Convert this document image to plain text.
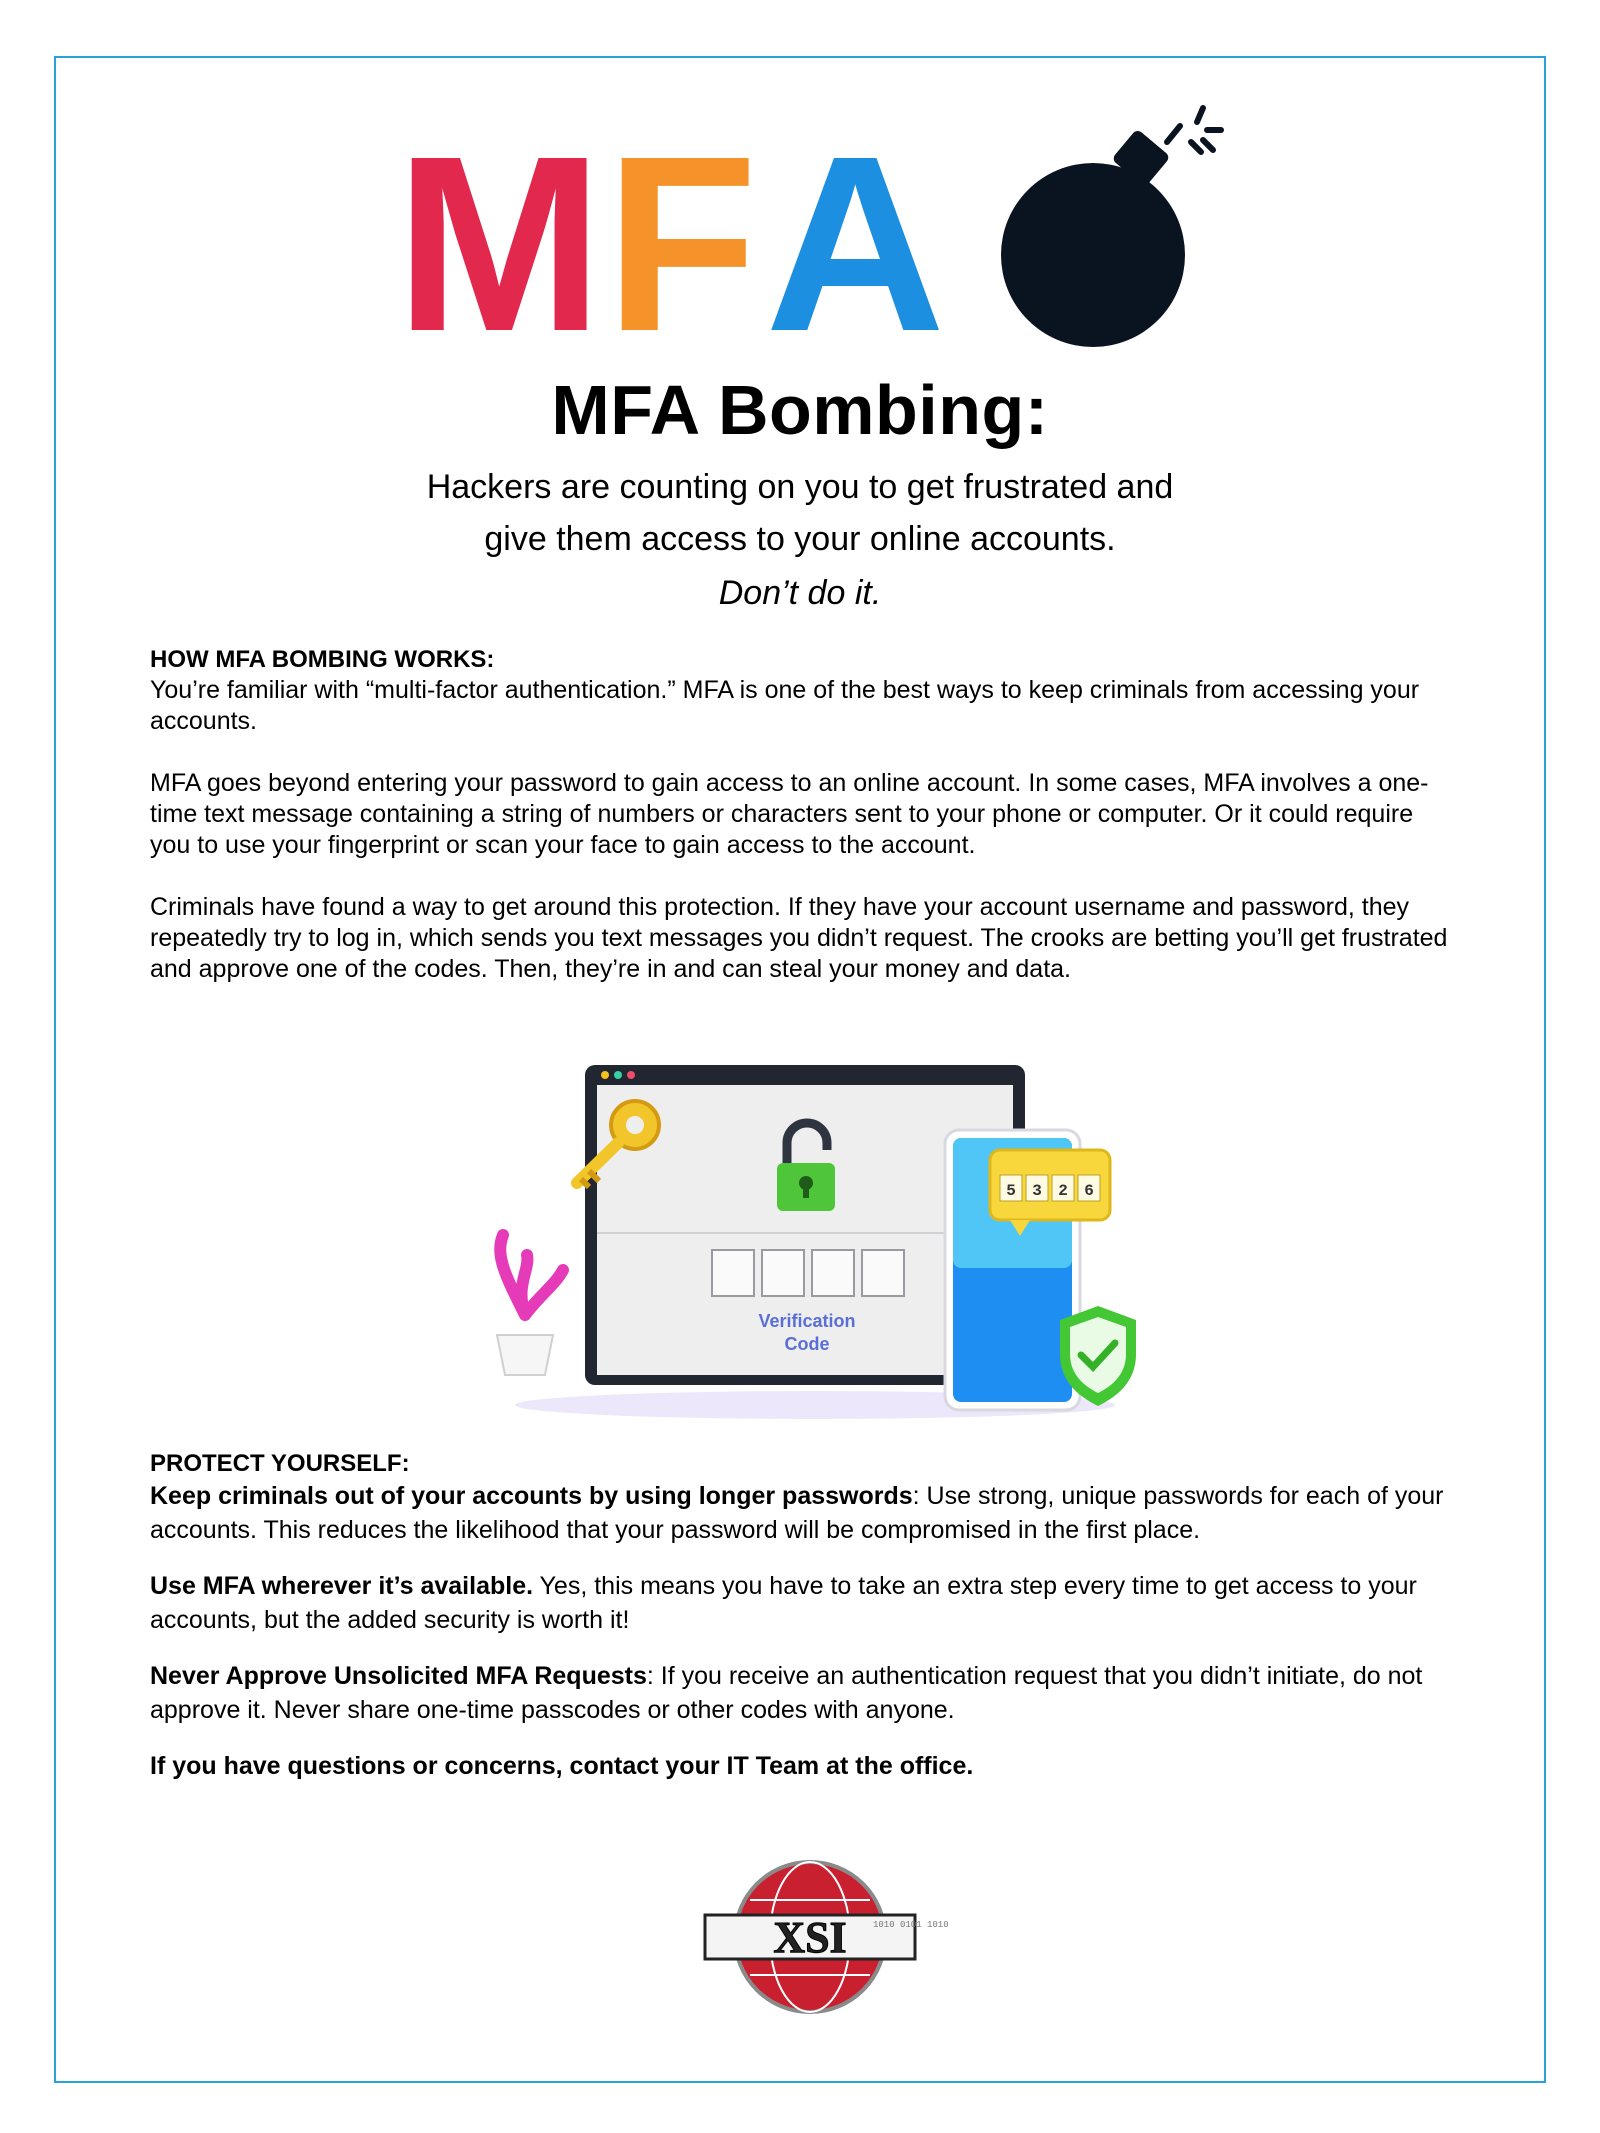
M F A
MFA Bombing:

Hackers are counting on you to get frustrated and

give them access to your online accounts.

Don’t do it.

HOW MFA BOMBING WORKS:

You’re familiar with “multi-factor authentication.” MFA is one of the best ways to keep criminals from accessing your accounts.

MFA goes beyond entering your password to gain access to an online account. In some cases, MFA involves a one-time text message containing a string of numbers or characters sent to your phone or computer. Or it could require you to use your fingerprint or scan your face to gain access to the account.

Criminals have found a way to get around this protection. If they have your account username and password, they repeatedly try to log in, which sends you text messages you didn’t request. The crooks are betting you’ll get frustrated and approve one of the codes. Then, they’re in and can steal your money and data.

Verification
Code
5 3 2 6
PROTECT YOURSELF:

Keep criminals out of your accounts by using longer passwords: Use strong, unique passwords for each of your accounts. This reduces the likelihood that your password will be compromised in the first place.

Use MFA wherever it’s available. Yes, this means you have to take an extra step every time to get access to your accounts, but the added security is worth it!

Never Approve Unsolicited MFA Requests: If you receive an authentication request that you didn’t initiate, do not approve it. Never share one-time passcodes or other codes with anyone.

If you have questions or concerns, contact your IT Team at the office.

XSI	1010 0101 1010
